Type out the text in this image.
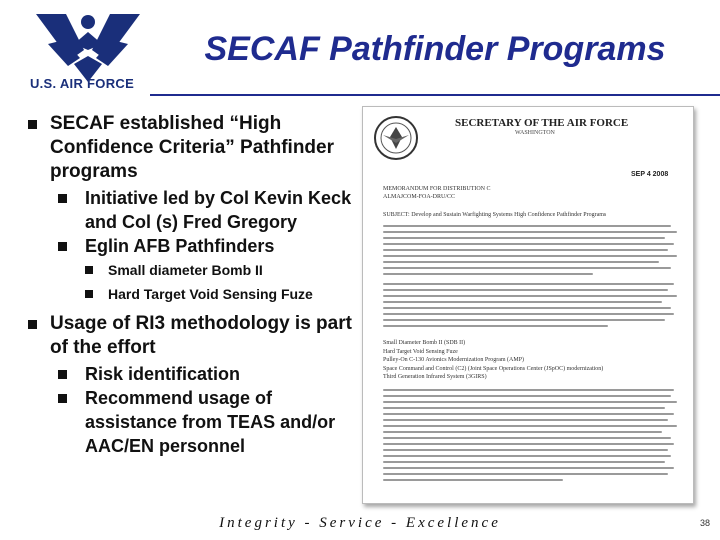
U.S. AIR FORCE
SECAF Pathfinder Programs
SECAF established “High Confidence Criteria” Pathfinder programs
Initiative led by Col Kevin Keck and Col (s) Fred Gregory
Eglin AFB Pathfinders
Small diameter Bomb II
Hard Target Void Sensing Fuze
Usage of RI3 methodology is part of the effort
Risk identification
Recommend usage of assistance from TEAS and/or AAC/EN personnel
SECRETARY OF THE AIR FORCE
WASHINGTON
SEP 4 2008
MEMORANDUM FOR DISTRIBUTION C
ALMAJCOM-FOA-DRU/CC
SUBJECT: Develop and Sustain Warfighting Systems High Confidence Pathfinder Programs
Small Diameter Bomb II (SDB II)
Hard Target Void Sensing Fuze
Pulley-On C-130 Avionics Modernization Program (AMP)
Space Command and Control (C2) (Joint Space Operations Center (JSpOC) modernization)
Third Generation Infrared System (3GIRS)
Integrity - Service - Excellence	38
